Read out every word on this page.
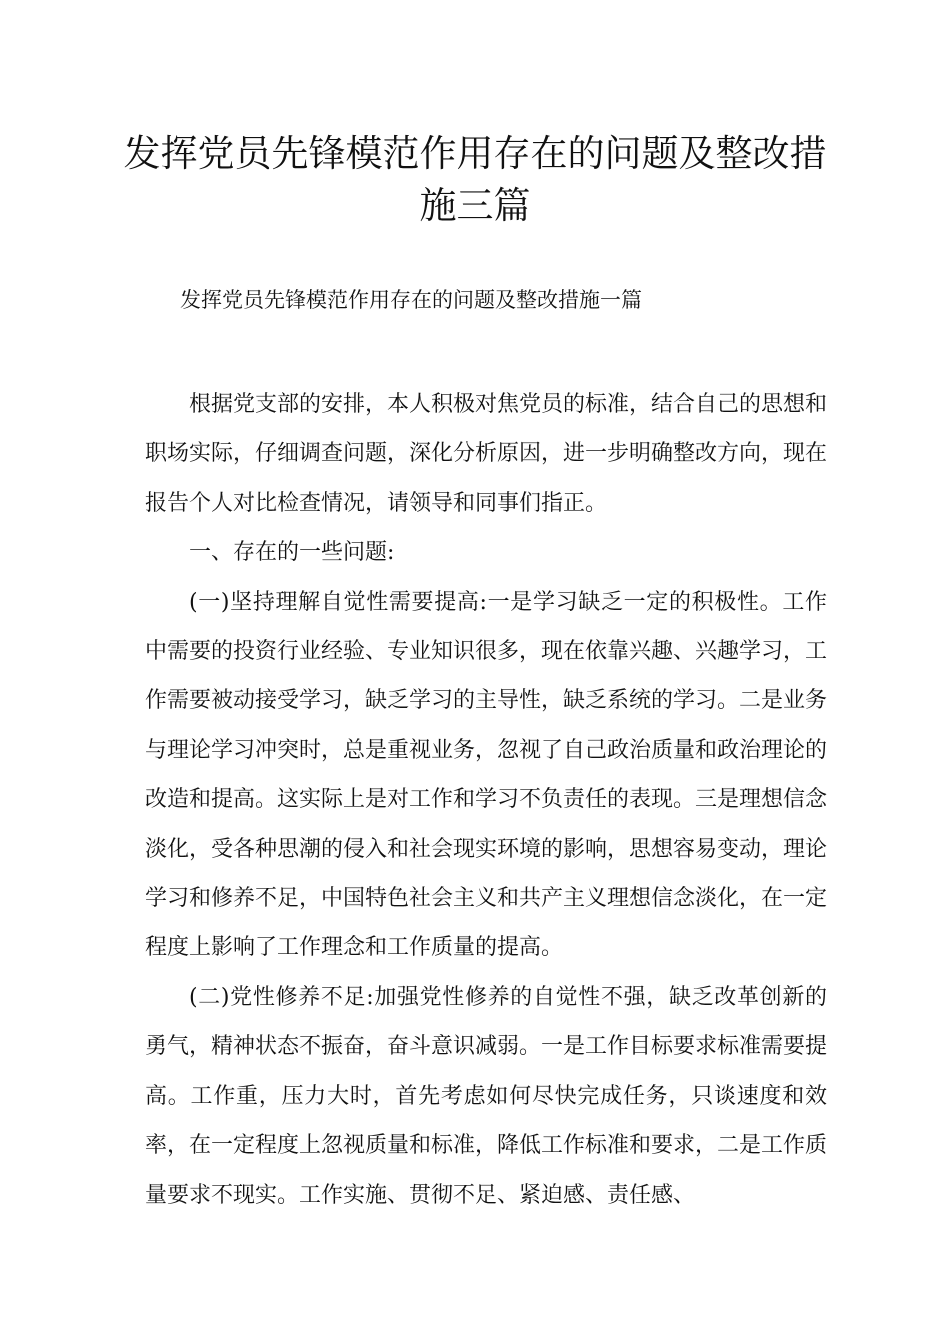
发挥党员先锋模范作用存在的问题及整改措施三篇
发挥党员先锋模范作用存在的问题及整改措施一篇

根据党支部的安排，本人积极对焦党员的标准，结合自己的思想和职场实际，仔细调查问题，深化分析原因，进一步明确整改方向，现在报告个人对比检查情况，请领导和同事们指正。

一、存在的一些问题:

(一)坚持理解自觉性需要提高:一是学习缺乏一定的积极性。工作中需要的投资行业经验、专业知识很多，现在依靠兴趣、兴趣学习，工作需要被动接受学习，缺乏学习的主导性，缺乏系统的学习。二是业务与理论学习冲突时，总是重视业务，忽视了自己政治质量和政治理论的改造和提高。这实际上是对工作和学习不负责任的表现。三是理想信念淡化，受各种思潮的侵入和社会现实环境的影响，思想容易变动，理论学习和修养不足，中国特色社会主义和共产主义理想信念淡化，在一定程度上影响了工作理念和工作质量的提高。

(二)党性修养不足:加强党性修养的自觉性不强，缺乏改革创新的勇气，精神状态不振奋，奋斗意识减弱。一是工作目标要求标准需要提高。工作重，压力大时，首先考虑如何尽快完成任务，只谈速度和效率，在一定程度上忽视质量和标准，降低工作标准和要求，二是工作质量要求不现实。工作实施、贯彻不足、紧迫感、责任感、
